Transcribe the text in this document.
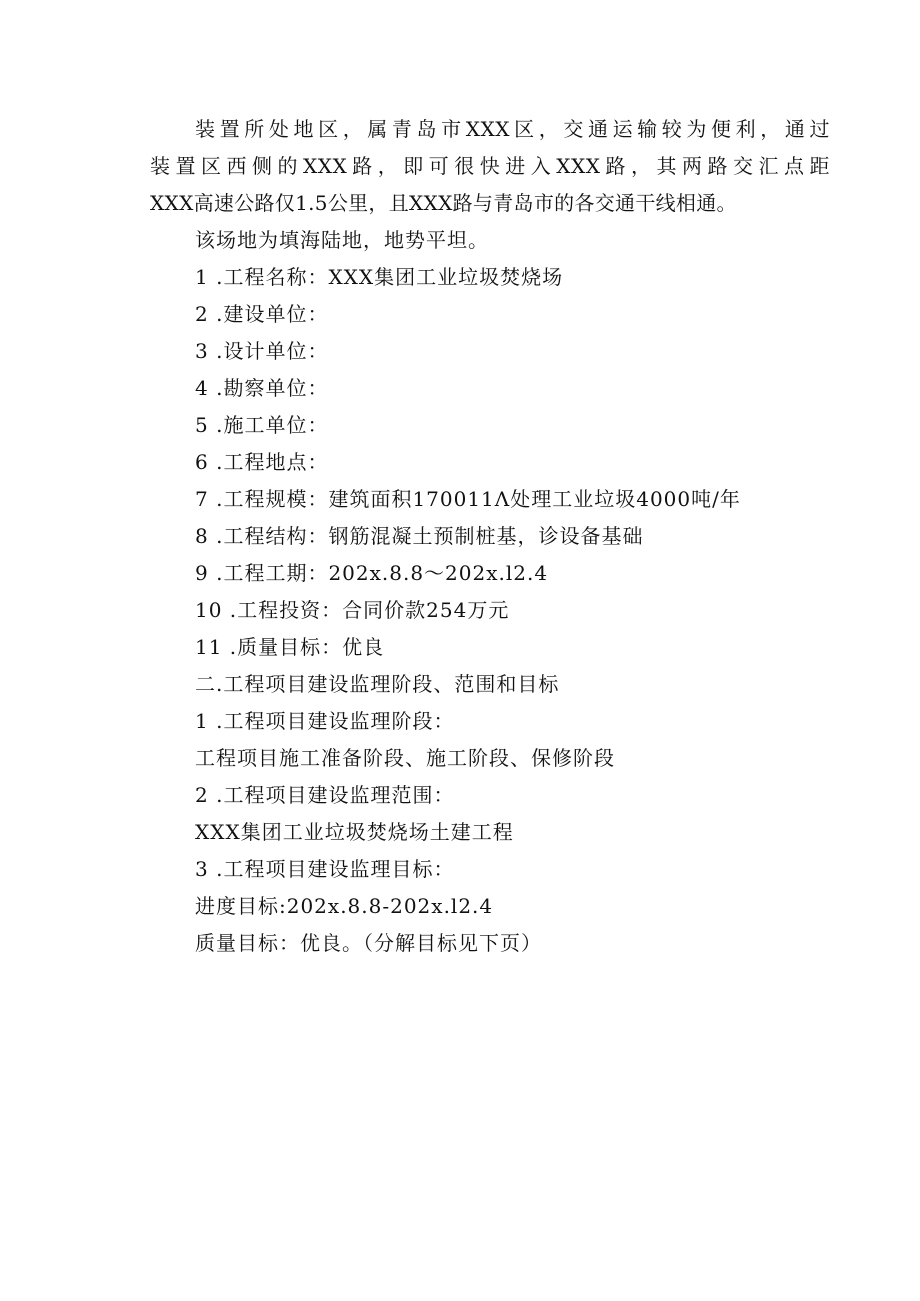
装置所处地区，属青岛市XXX区，交通运输较为便利，通过
装置区西侧的XXX路，即可很快进入XXX路，其两路交汇点距
XXX高速公路仅1.5公里，且XXX路与青岛市的各交通干线相通。
该场地为填海陆地，地势平坦。
1 .工程名称：XXX集团工业垃圾焚烧场
2 .建设单位：
3 .设计单位：
4 .勘察单位：
5 .施工单位：
6 .工程地点：
7 .工程规模：建筑面积170011Λ处理工业垃圾4000吨/年
8 .工程结构：钢筋混凝土预制桩基，诊设备基础
9 .工程工期：202x.8.8～202x.l2.4
10 .工程投资：合同价款254万元
11 .质量目标：优良
二.工程项目建设监理阶段、范围和目标
1 .工程项目建设监理阶段：
工程项目施工准备阶段、施工阶段、保修阶段
2 .工程项目建设监理范围：
XXX集团工业垃圾焚烧场土建工程
3 .工程项目建设监理目标：
进度目标:202x.8.8-202x.l2.4
质量目标：优良。（分解目标见下页）
